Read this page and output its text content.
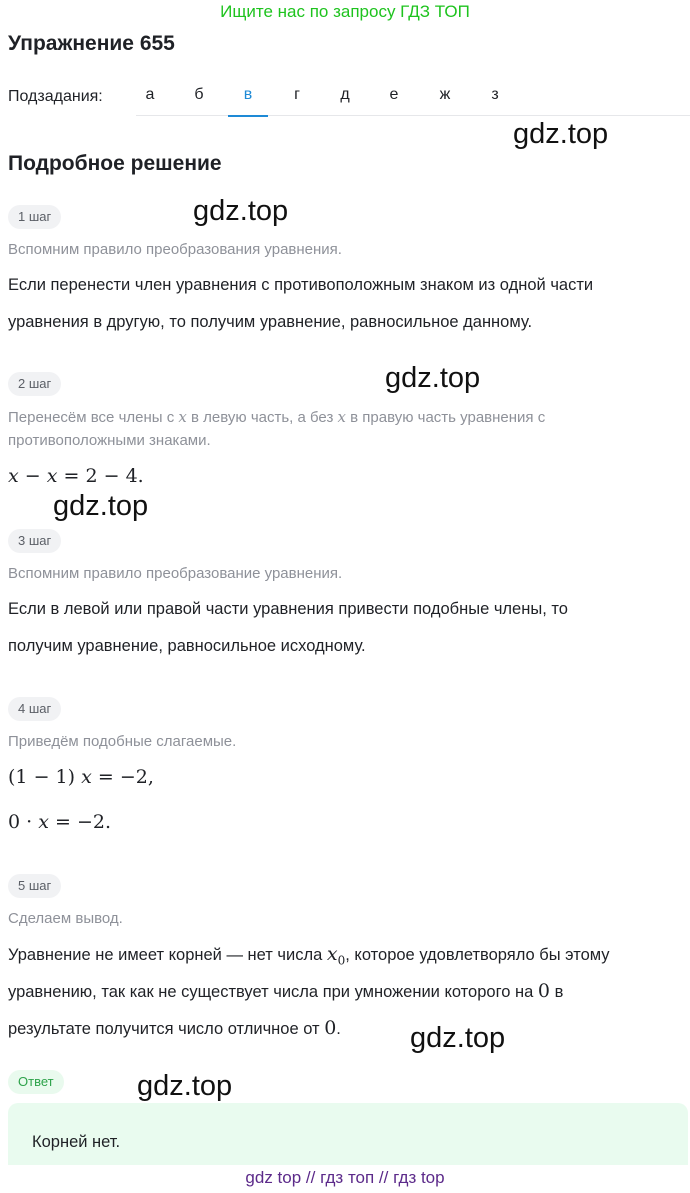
Ищите нас по запросу ГДЗ ТОП
Упражнение 655
Подзадания:	а	б	в	г	д	е	ж	з
gdz.top
Подробное решение
1 шаг	gdz.top
Вспомним правило преобразования уравнения.
Если перенести член уравнения с противоположным знаком из одной части
уравнения в другую, то получим уравнение, равносильное данному.
2 шаг	gdz.top
Перенесём все члены с x в левую часть, а без x в правую часть уравнения с
противоположными знаками.
x − x = 2 − 4.
gdz.top
3 шаг
Вспомним правило преобразование уравнения.
Если в левой или правой части уравнения привести подобные члены, то
получим уравнение, равносильное исходному.
4 шаг
Приведём подобные слагаемые.
(1 − 1) x = −2,
0 · x = −2.
5 шаг
Сделаем вывод.
Уравнение не имеет корней — нет числа $x_0$, которое удовлетворяло бы этому
уравнению, так как не существует числа при умножении которого на 0 в
результате получится число отличное от 0.	gdz.top
Ответ	gdz.top
Корней нет.
gdz top // гдз топ // гдз top
